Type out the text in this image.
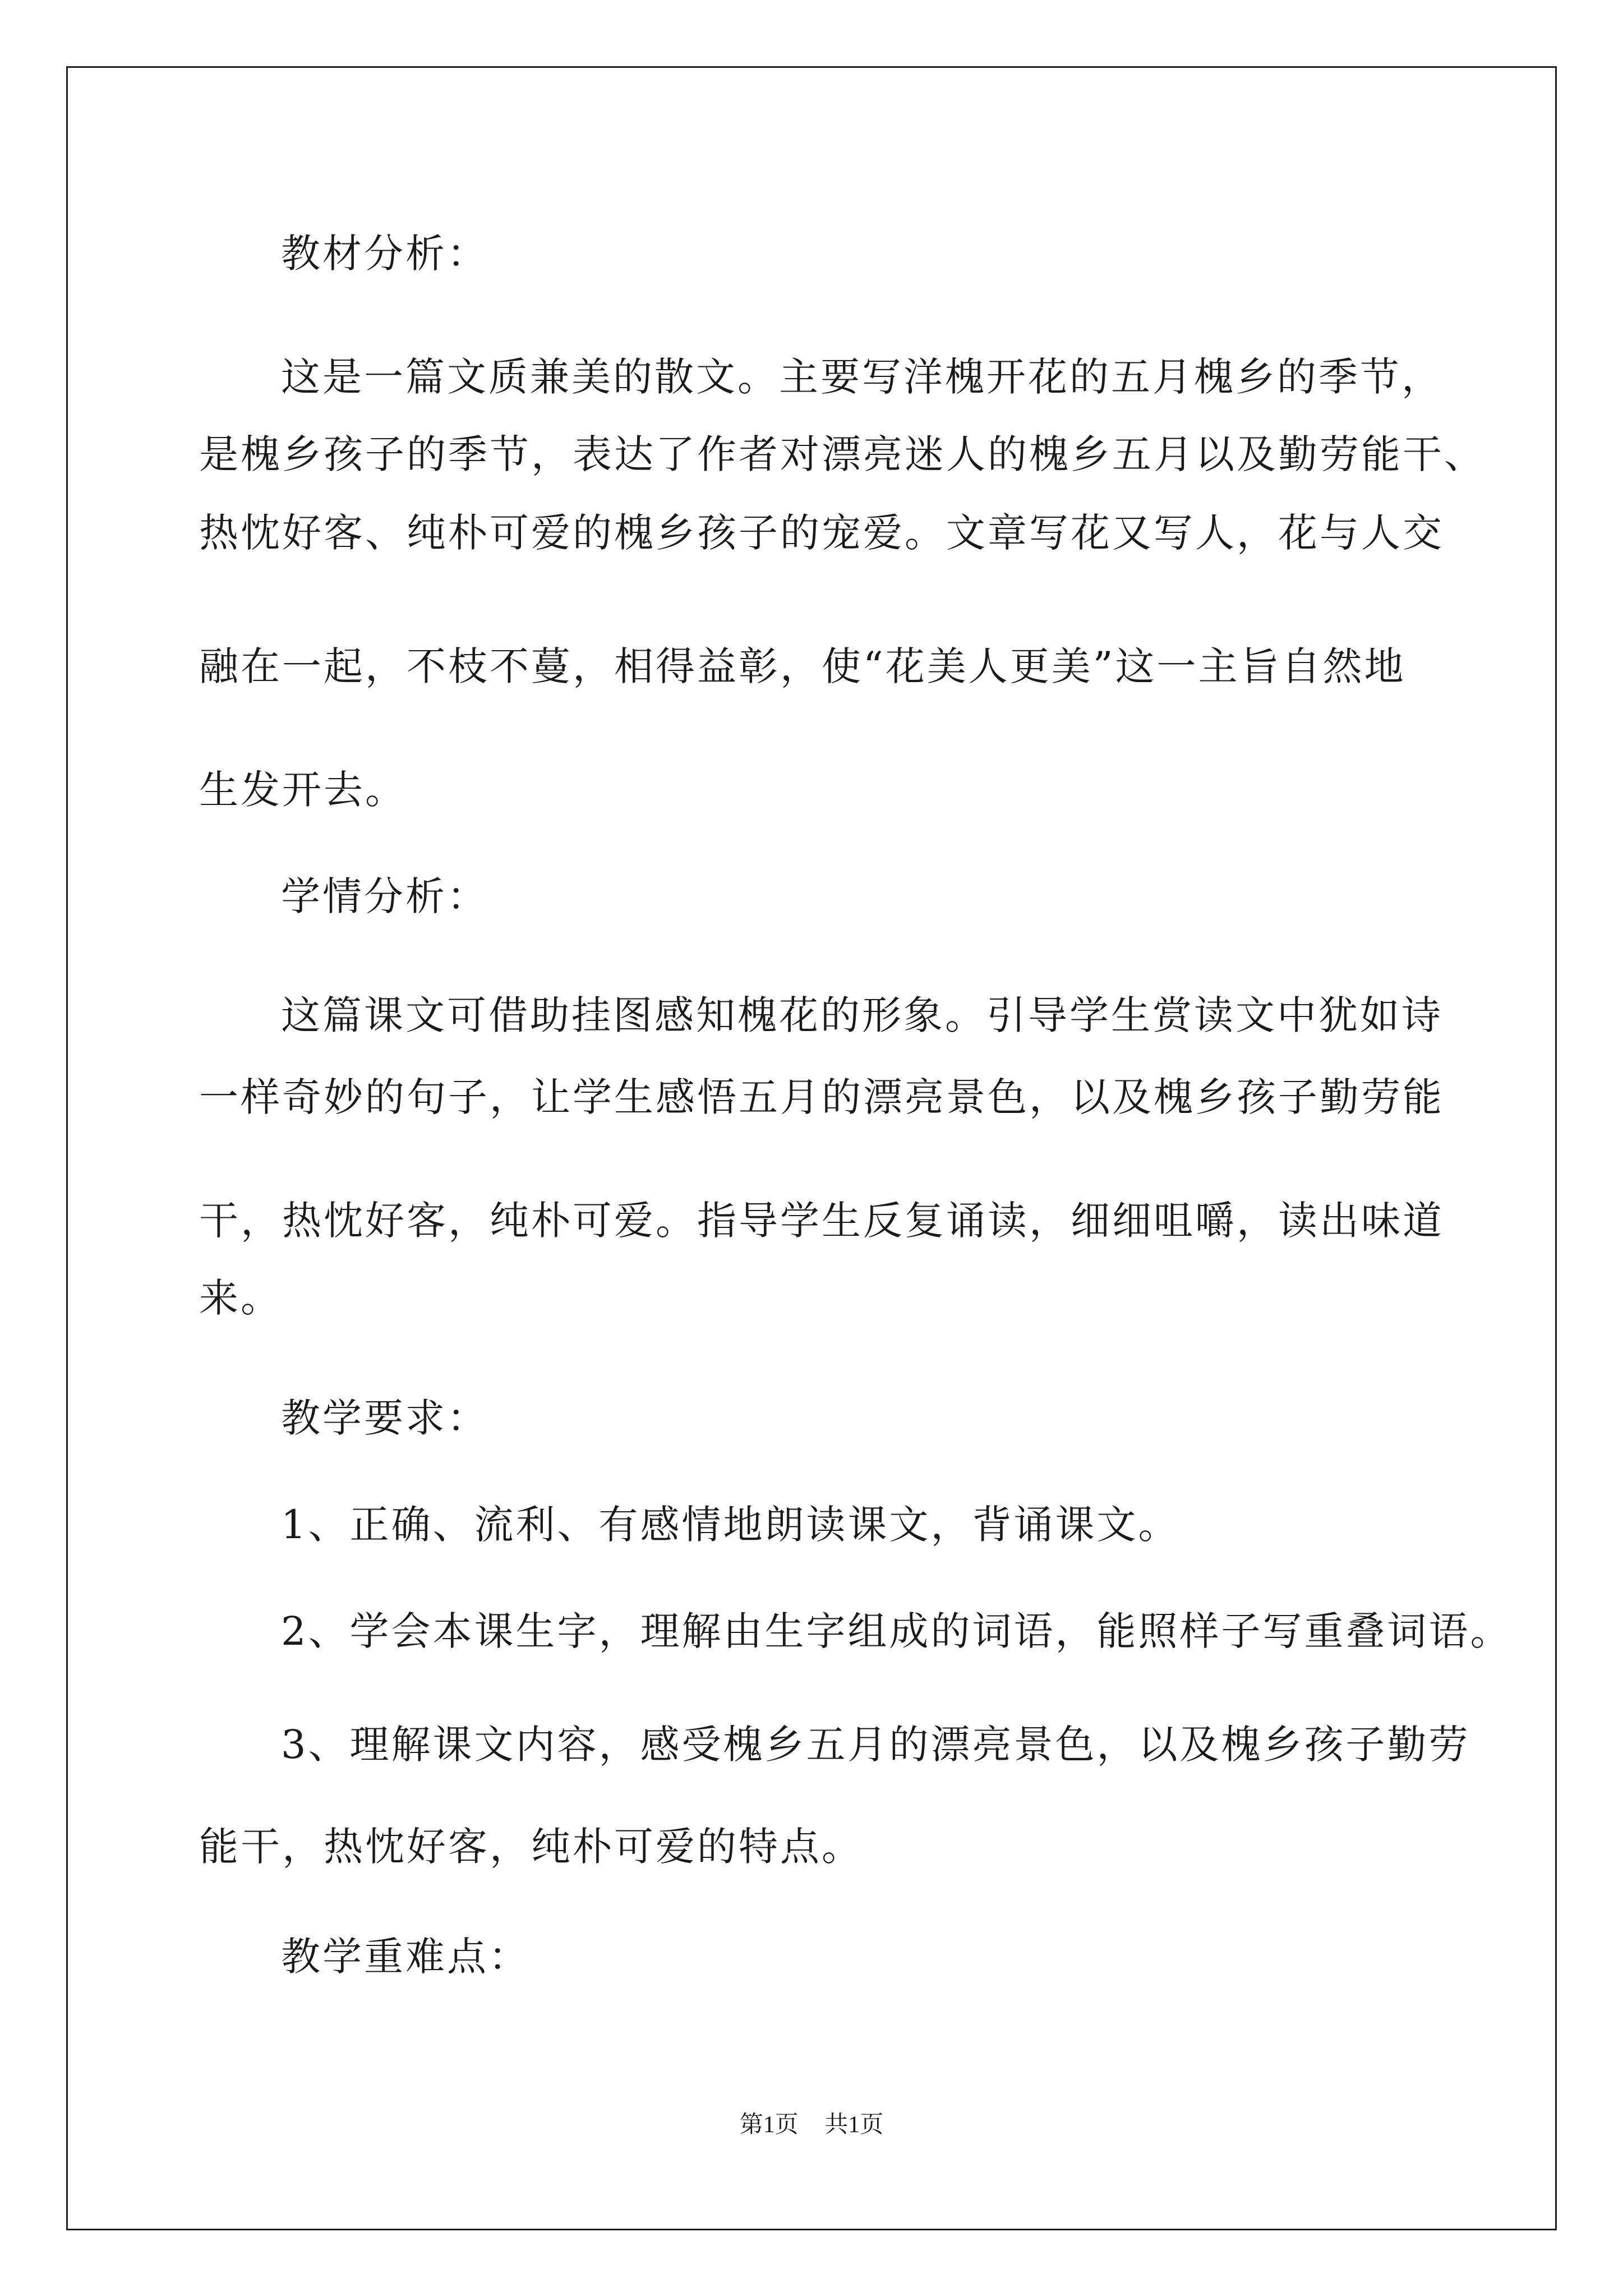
教材分析：
这是一篇文质兼美的散文。主要写洋槐开花的五月槐乡的季节，
是槐乡孩子的季节，表达了作者对漂亮迷人的槐乡五月以及勤劳能干、
热忱好客、纯朴可爱的槐乡孩子的宠爱。文章写花又写人，花与人交
融在一起，不枝不蔓，相得益彰，使“花美人更美”这一主旨自然地
生发开去。
学情分析：
这篇课文可借助挂图感知槐花的形象。引导学生赏读文中犹如诗
一样奇妙的句子，让学生感悟五月的漂亮景色，以及槐乡孩子勤劳能
干，热忱好客，纯朴可爱。指导学生反复诵读，细细咀嚼，读出味道
来。
教学要求：
1、正确、流利、有感情地朗读课文，背诵课文。
2、学会本课生字，理解由生字组成的词语，能照样子写重叠词语。
3、理解课文内容，感受槐乡五月的漂亮景色，以及槐乡孩子勤劳
能干，热忱好客，纯朴可爱的特点。
教学重难点：
第1页 共1页
